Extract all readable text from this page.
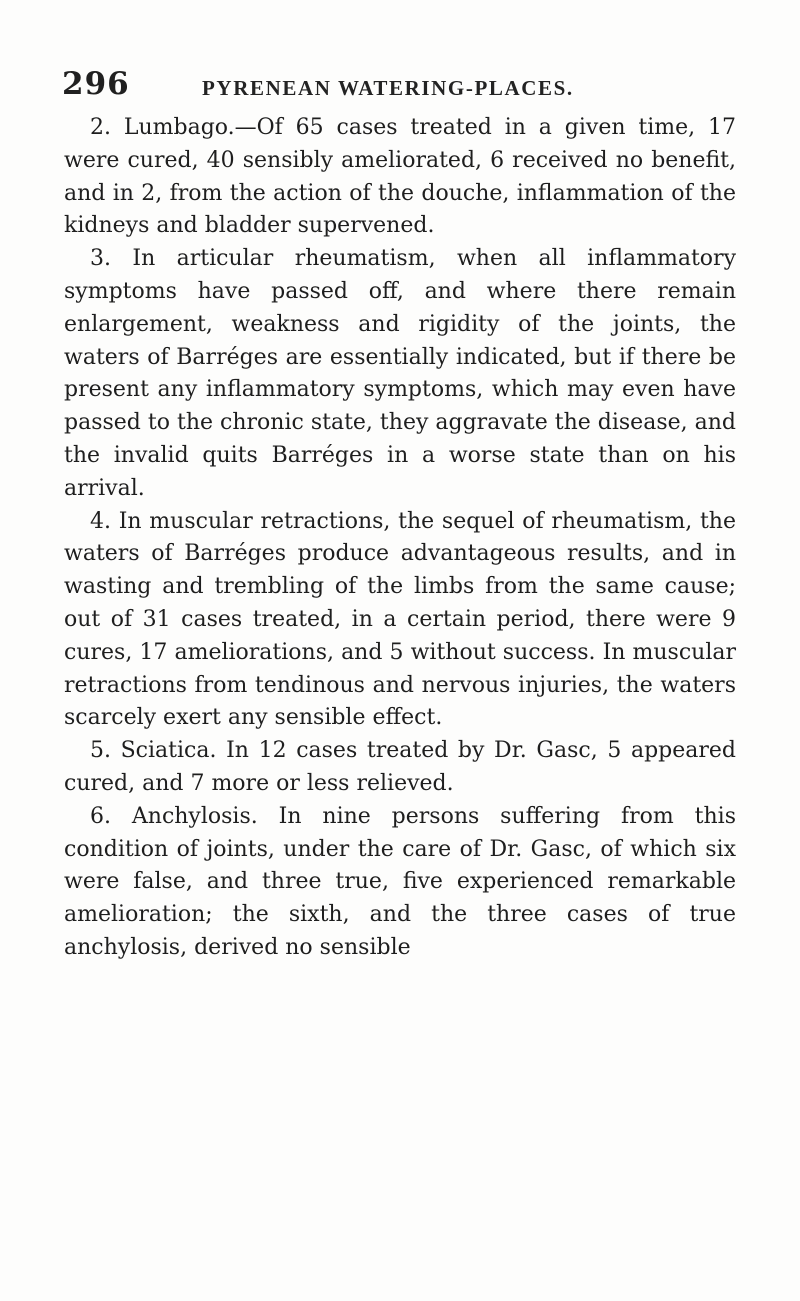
296	PYRENEAN WATERING-PLACES.

2. Lumbago.—Of 65 cases treated in a given time, 17 were cured, 40 sensibly ameliorated, 6 received no benefit, and in 2, from the action of the douche, inflammation of the kidneys and bladder supervened.

3. In articular rheumatism, when all inflammatory symptoms have passed off, and where there remain enlargement, weakness and rigidity of the joints, the waters of Barréges are essentially indicated, but if there be present any inflammatory symptoms, which may even have passed to the chronic state, they aggravate the disease, and the invalid quits Barréges in a worse state than on his arrival.

4. In muscular retractions, the sequel of rheumatism, the waters of Barréges produce advantageous results, and in wasting and trembling of the limbs from the same cause; out of 31 cases treated, in a certain period, there were 9 cures, 17 ameliorations, and 5 without success. In muscular retractions from tendinous and nervous injuries, the waters scarcely exert any sensible effect.

5. Sciatica. In 12 cases treated by Dr. Gasc, 5 appeared cured, and 7 more or less relieved.

6. Anchylosis. In nine persons suffering from this condition of joints, under the care of Dr. Gasc, of which six were false, and three true, five experienced remarkable amelioration; the sixth, and the three cases of true anchylosis, derived no sensible
